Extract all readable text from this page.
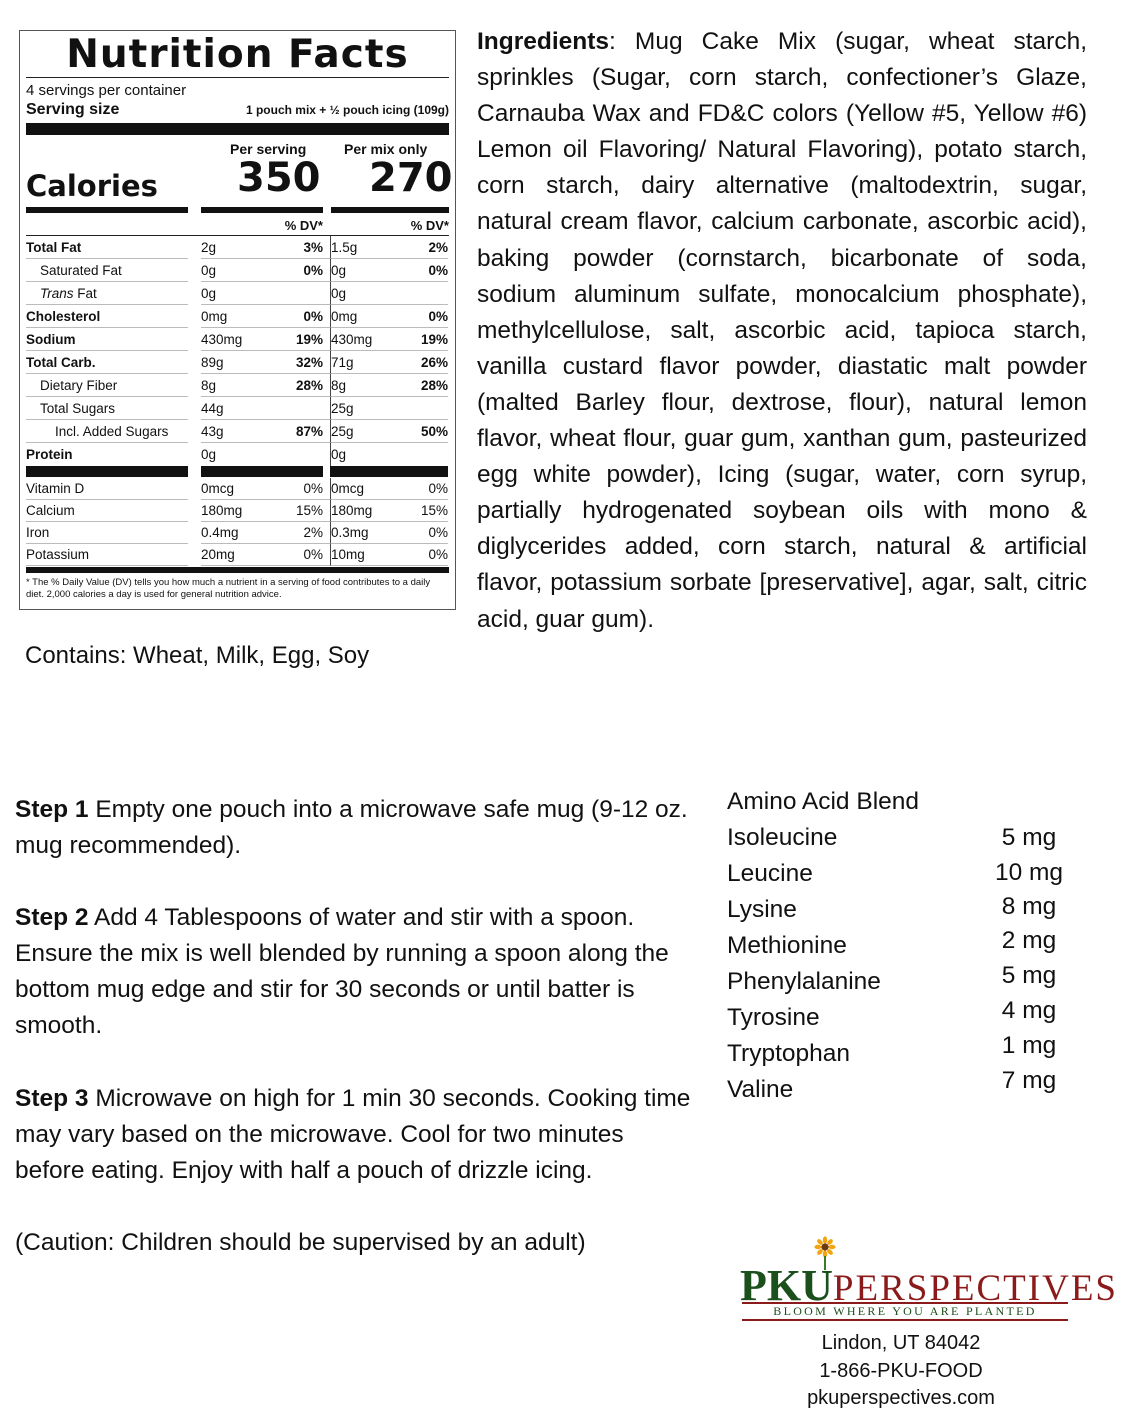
Nutrition Facts
4 servings per container
Serving size	1 pouch mix + ½ pouch icing (109g)
Per serving	Per mix only
Calories 350 270
% DV*	% DV*
Total Fat	2g	3% 1.5g	2%
Saturated Fat	0g	0% 0g	0%
Trans Fat	0g	0g
Cholesterol	0mg	0% 0mg	0%
Sodium	430mg	19% 430mg	19%
Total Carb.	89g	32% 71g	26%
Dietary Fiber	8g	28% 8g	28%
Total Sugars	44g	25g
Incl. Added Sugars	43g	87% 25g	50%
Protein	0g	0g
Vitamin D	0mcg	0% 0mcg	0%
Calcium	180mg	15% 180mg	15%
Iron	0.4mg	2% 0.3mg	0%
Potassium	20mg	0% 10mg	0%
* The % Daily Value (DV) tells you how much a nutrient in a serving of food contributes to a daily diet. 2,000 calories a day is used for general nutrition advice.
Contains: Wheat, Milk, Egg, Soy
Ingredients: Mug Cake Mix (sugar, wheat starch, sprinkles (Sugar, corn starch, confectioner’s Glaze, Carnauba Wax and FD&C colors (Yellow #5, Yellow #6) Lemon oil Flavoring/ Natural Flavoring), potato starch, corn starch, dairy alternative (maltodextrin, sugar, natural cream flavor, calcium carbonate, ascorbic acid), baking powder (cornstarch, bicarbonate of soda, sodium aluminum sulfate, monocalcium phosphate), methylcellulose, salt, ascorbic acid, tapioca starch, vanilla custard flavor powder, diastatic malt powder (malted Barley flour, dextrose, flour), natural lemon flavor, wheat flour, guar gum, xanthan gum, pasteurized egg white powder), Icing (sugar, water, corn syrup, partially hydrogenated soybean oils with mono & diglycerides added, corn starch, natural & artificial flavor, potassium sorbate [preservative], agar, salt, citric acid, guar gum).

Step 1 Empty one pouch into a microwave safe mug (9-12 oz. mug recommended).

Step 2 Add 4 Tablespoons of water and stir with a spoon. Ensure the mix is well blended by running a spoon along the bottom mug edge and stir for 30 seconds or until batter is smooth.

Step 3 Microwave on high for 1 min 30 seconds. Cooking time may vary based on the microwave. Cool for two minutes before eating. Enjoy with half a pouch of drizzle icing.

(Caution: Children should be supervised by an adult)

Amino Acid Blend
Isoleucine	5 mg
Leucine	10 mg
Lysine	8 mg
Methionine	2 mg
Phenylalanine	5 mg
Tyrosine	4 mg
Tryptophan	1 mg
Valine	7 mg
PKUPERSPECTIVES
BLOOM WHERE YOU ARE PLANTED
Lindon, UT 84042
1-866-PKU-FOOD
pkuperspectives.com
